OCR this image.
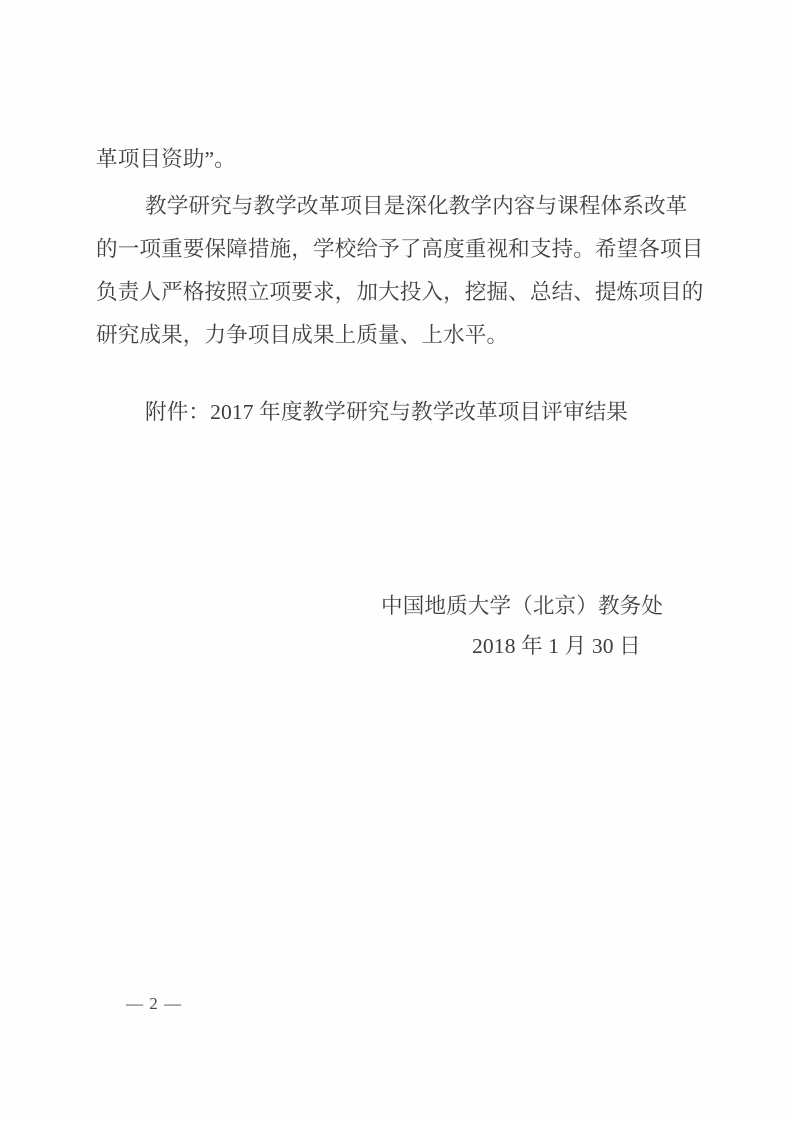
革项目资助”。
教学研究与教学改革项目是深化教学内容与课程体系改革
的一项重要保障措施，学校给予了高度重视和支持。希望各项目
负责人严格按照立项要求，加大投入，挖掘、总结、提炼项目的
研究成果，力争项目成果上质量、上水平。
附件：2017 年度教学研究与教学改革项目评审结果
中国地质大学（北京）教务处
2018 年 1 月 30 日
— 2 —
